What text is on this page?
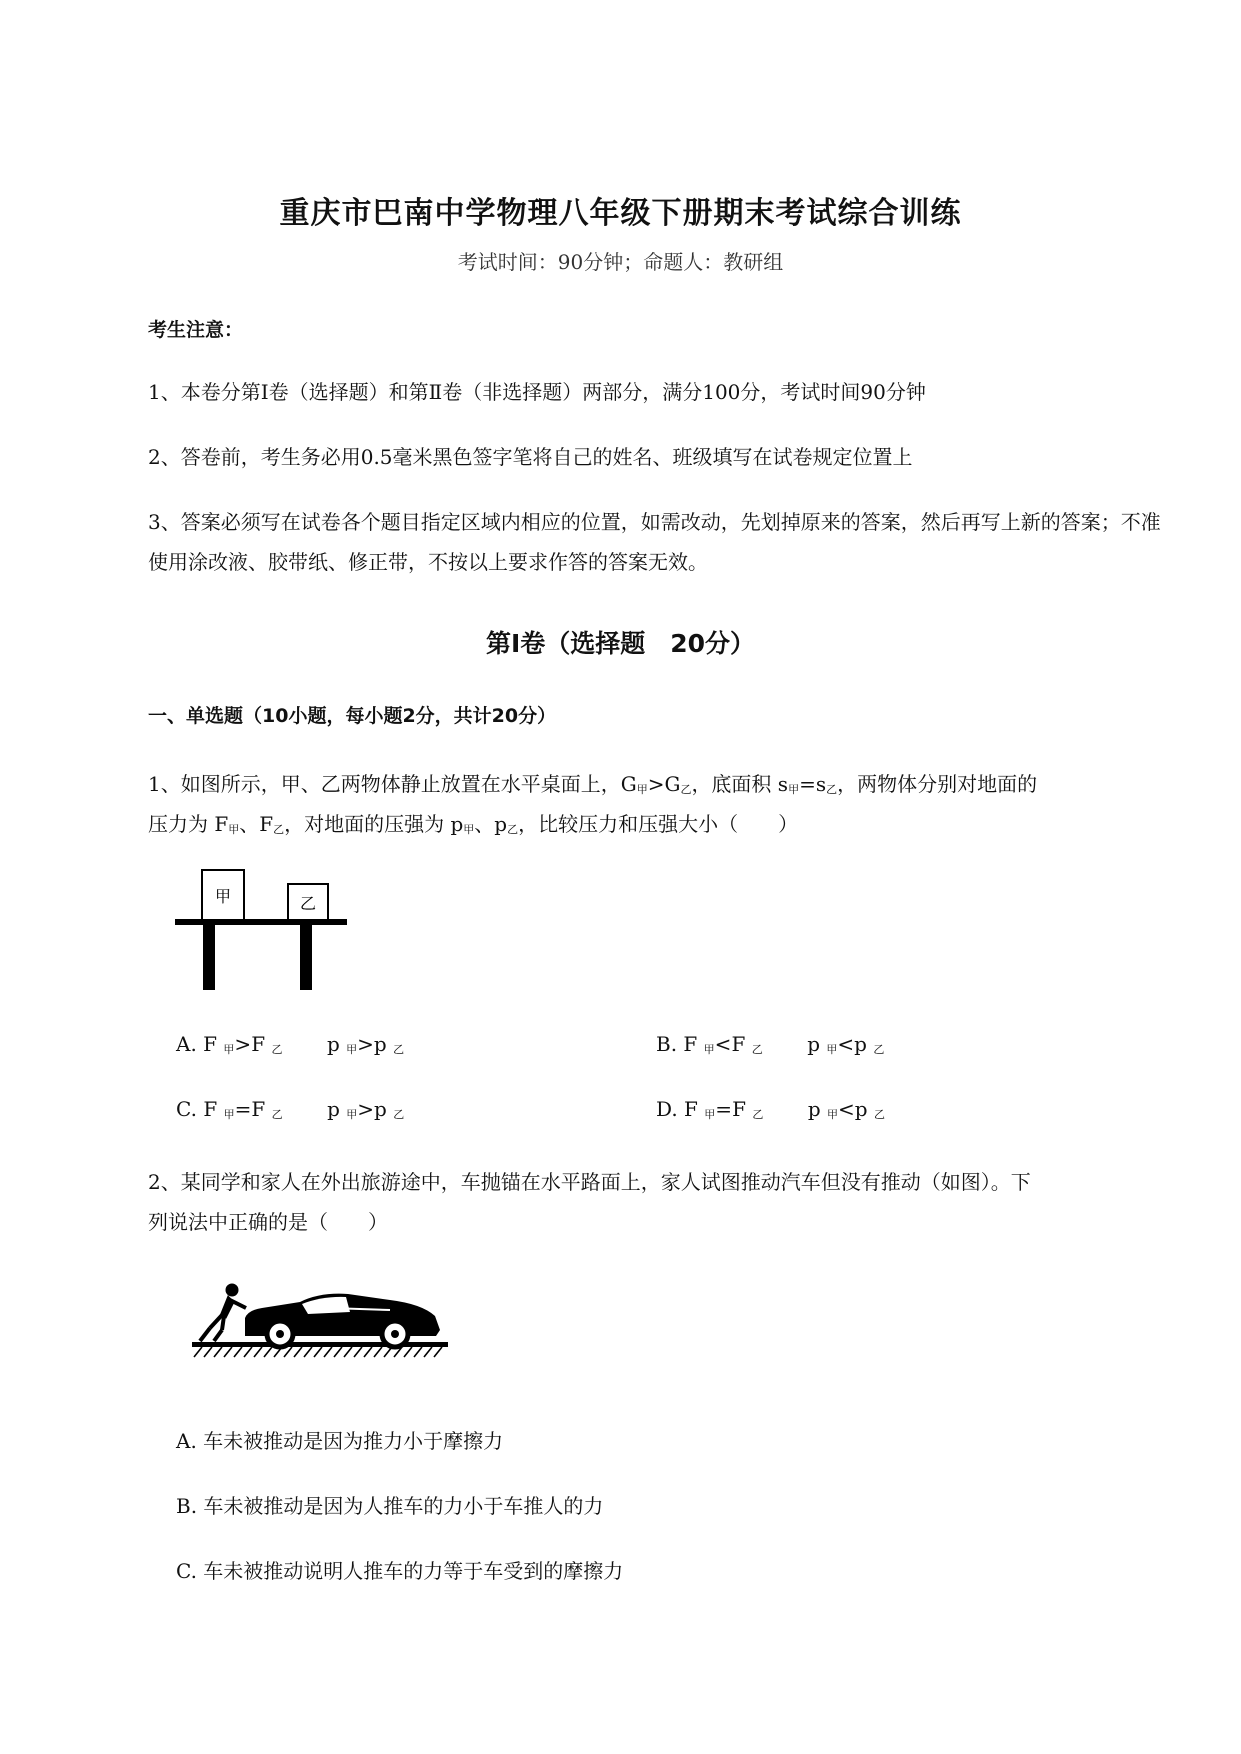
重庆市巴南中学物理八年级下册期末考试综合训练
考试时间：90分钟；命题人：教研组
考生注意：
1、本卷分第I卷（选择题）和第Ⅱ卷（非选择题）两部分，满分100分，考试时间90分钟
2、答卷前，考生务必用0.5毫米黑色签字笔将自己的姓名、班级填写在试卷规定位置上
3、答案必须写在试卷各个题目指定区域内相应的位置，如需改动，先划掉原来的答案，然后再写上新的答案；不准使用涂改液、胶带纸、修正带，不按以上要求作答的答案无效。
第I卷（选择题　20分）
一、单选题（10小题，每小题2分，共计20分）
1、如图所示，甲、乙两物体静止放置在水平桌面上，$G_甲>G_乙$，底面积 $s_甲=s_乙$，两物体分别对地面的
压力为 $F_甲$、$F_乙$，对地面的压强为 $p_甲$、$p_乙$，比较压力和压强大小（　　）
甲	乙
A. F $_甲$>F $_乙$ p $_甲$>p $_乙$	B. F $_甲$<F $_乙$ p $_甲$<p $_乙$
C. F $_甲$=F $_乙$ p $_甲$>p $_乙$	D. F $_甲$=F $_乙$ p $_甲$<p $_乙$
2、某同学和家人在外出旅游途中，车抛锚在水平路面上，家人试图推动汽车但没有推动（如图）。下
列说法中正确的是（　　）
A. 车未被推动是因为推力小于摩擦力
B. 车未被推动是因为人推车的力小于车推人的力
C. 车未被推动说明人推车的力等于车受到的摩擦力
